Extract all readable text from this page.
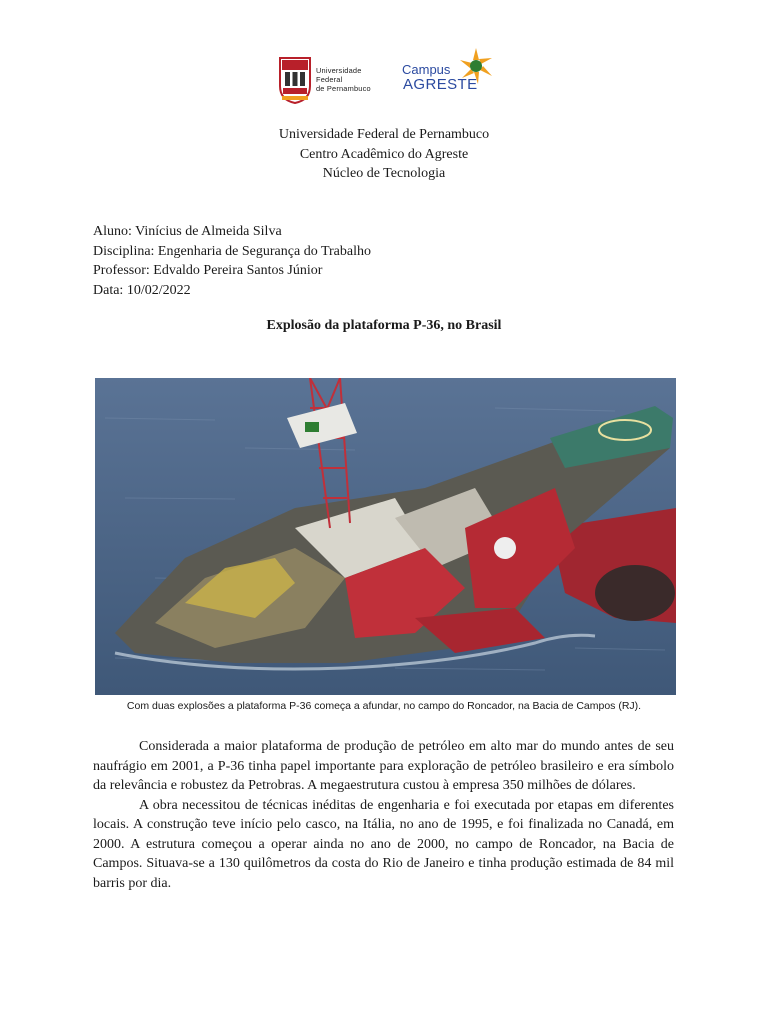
Universidade
Federal
de Pernambuco
Campus
AGRESTE
Universidade Federal de Pernambuco
Centro Acadêmico do Agreste
Núcleo de Tecnologia
Aluno: Vinícius de Almeida Silva
Disciplina: Engenharia de Segurança do Trabalho
Professor: Edvaldo Pereira Santos Júnior
Data: 10/02/2022
Explosão da plataforma P-36, no Brasil
Com duas explosões a plataforma P-36 começa a afundar, no campo do Roncador, na Bacia de Campos (RJ).

Considerada a maior plataforma de produção de petróleo em alto mar do mundo antes de seu naufrágio em 2001, a P-36 tinha papel importante para exploração de petróleo brasileiro e era símbolo da relevância e robustez da Petrobras. A megaestrutura custou à empresa 350 milhões de dólares.

A obra necessitou de técnicas inéditas de engenharia e foi executada por etapas em diferentes locais. A construção teve início pelo casco, na Itália, no ano de 1995, e foi finalizada no Canadá, em 2000. A estrutura começou a operar ainda no ano de 2000, no campo de Roncador, na Bacia de Campos. Situava-se a 130 quilômetros da costa do Rio de Janeiro e tinha produção estimada de 84 mil barris por dia.
